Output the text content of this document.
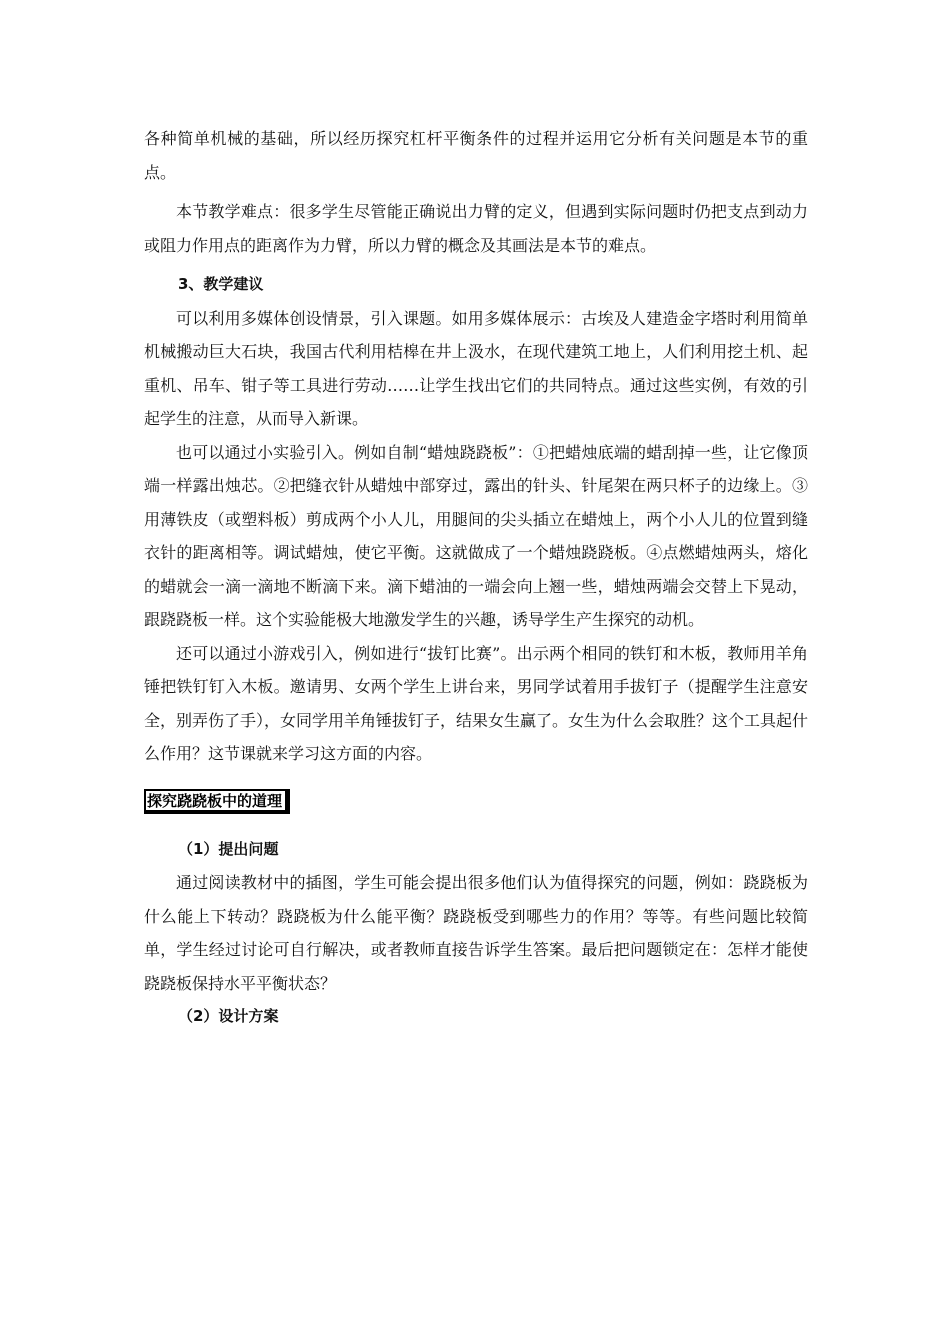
各种简单机械的基础，所以经历探究杠杆平衡条件的过程并运用它分析有关问题是本节的重点。

本节教学难点：很多学生尽管能正确说出力臂的定义，但遇到实际问题时仍把支点到动力或阻力作用点的距离作为力臂，所以力臂的概念及其画法是本节的难点。

3、教学建议

可以利用多媒体创设情景，引入课题。如用多媒体展示：古埃及人建造金字塔时利用简单机械搬动巨大石块，我国古代利用桔槔在井上汲水，在现代建筑工地上，人们利用挖土机、起重机、吊车、钳子等工具进行劳动……让学生找出它们的共同特点。通过这些实例，有效的引起学生的注意，从而导入新课。

也可以通过小实验引入。例如自制“蜡烛跷跷板”：①把蜡烛底端的蜡刮掉一些，让它像顶端一样露出烛芯。②把缝衣针从蜡烛中部穿过，露出的针头、针尾架在两只杯子的边缘上。③用薄铁皮（或塑料板）剪成两个小人儿，用腿间的尖头插立在蜡烛上，两个小人儿的位置到缝衣针的距离相等。调试蜡烛，使它平衡。这就做成了一个蜡烛跷跷板。④点燃蜡烛两头，熔化的蜡就会一滴一滴地不断滴下来。滴下蜡油的一端会向上翘一些，蜡烛两端会交替上下晃动，跟跷跷板一样。这个实验能极大地激发学生的兴趣，诱导学生产生探究的动机。

还可以通过小游戏引入，例如进行“拔钉比赛”。出示两个相同的铁钉和木板，教师用羊角锤把铁钉钉入木板。邀请男、女两个学生上讲台来，男同学试着用手拔钉子（提醒学生注意安全，别弄伤了手），女同学用羊角锤拔钉子，结果女生赢了。女生为什么会取胜？这个工具起什么作用？这节课就来学习这方面的内容。

探究跷跷板中的道理

（1）提出问题

通过阅读教材中的插图，学生可能会提出很多他们认为值得探究的问题，例如：跷跷板为什么能上下转动？跷跷板为什么能平衡？跷跷板受到哪些力的作用？等等。有些问题比较简单，学生经过讨论可自行解决，或者教师直接告诉学生答案。最后把问题锁定在：怎样才能使跷跷板保持水平平衡状态？

（2）设计方案
